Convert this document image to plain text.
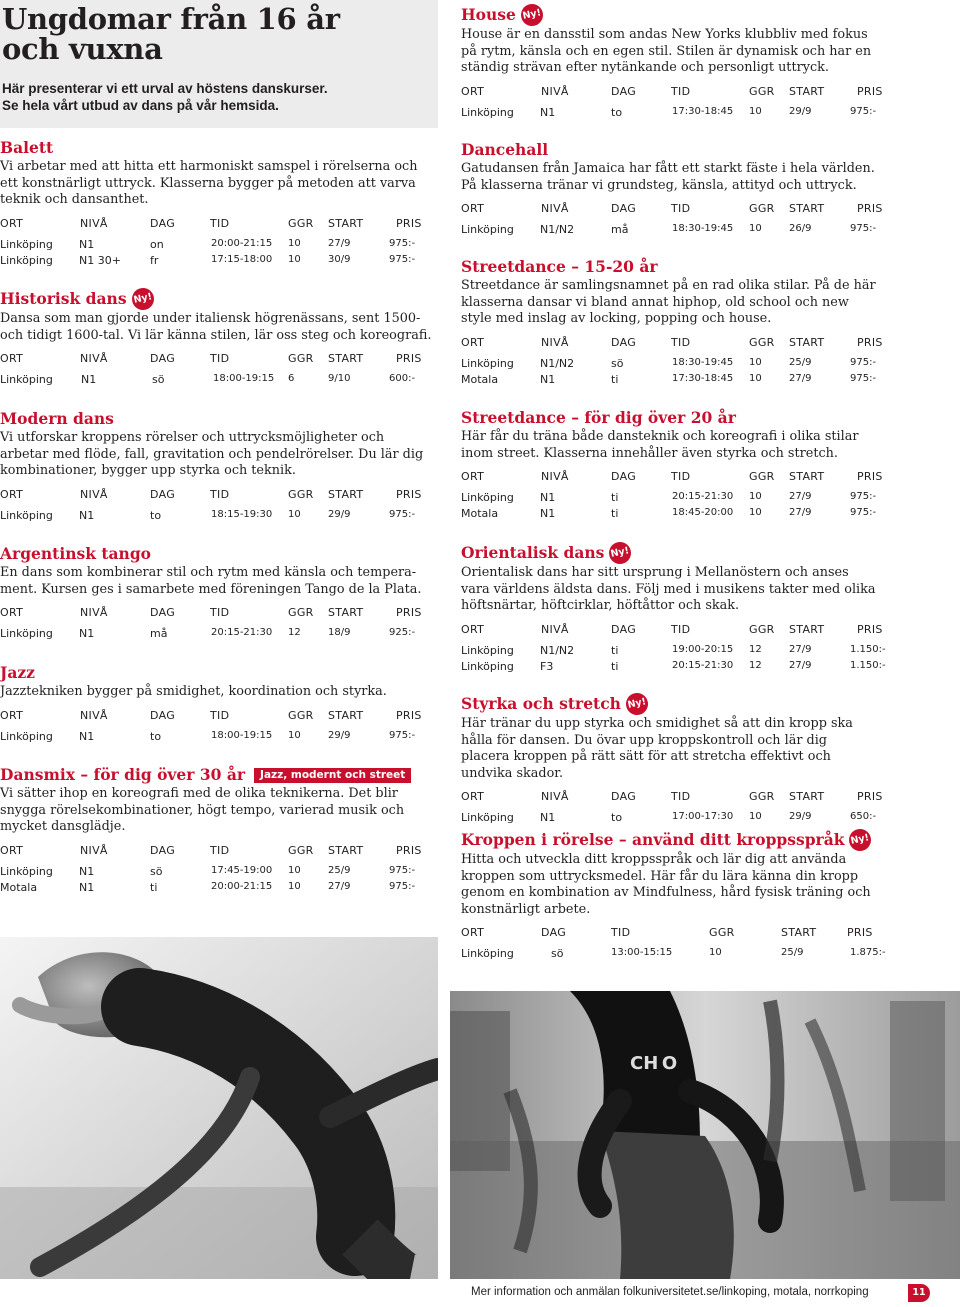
Ungdomar från 16 år
och vuxna

Här presenterar vi ett urval av höstens danskurser.
Se hela vårt utbud av dans på vår hemsida.

Balett

Vi arbetar med att hitta ett harmoniskt samspel i rörelserna och ett konstnärligt uttryck. Klasserna bygger på metoden att varva teknik och dansanthet.

ORT	NIVÅ	DAG	TID	GGR START	PRIS
Linköping N1	on	20:00-21:15 10	27/9	975:-
Linköping N1 30+	fr	17:15-18:00 10	30/9	975:-
Historisk dans Ny!

Dansa som man gjorde under italiensk högrenässans, sent 1500- och tidigt 1600-tal. Vi lär känna stilen, lär oss steg och koreografi.

ORT	NIVÅ	DAG	TID	GGR START	PRIS
Linköping	N1	sö	18:00-19:15 6	9/10	600:-
Modern dans

Vi utforskar kroppens rörelser och uttrycksmöjligheter och arbetar med flöde, fall, gravitation och pendelrörelser. Du lär dig kombinationer, bygger upp styrka och teknik.

ORT	NIVÅ	DAG	TID	GGR START	PRIS
Linköping N1	to	18:15-19:30 10	29/9	975:-
Argentinsk tango

En dans som kombinerar stil och rytm med känsla och tempera-ment. Kursen ges i samarbete med föreningen Tango de la Plata.

ORT	NIVÅ	DAG	TID	GGR START	PRIS
Linköping N1	må	20:15-21:30 12	18/9	925:-
Jazz

Jazztekniken bygger på smidighet, koordination och styrka.

ORT	NIVÅ	DAG	TID	GGR START	PRIS
Linköping N1	to	18:00-19:15 10	29/9	975:-
Dansmix – för dig över 30 år	Jazz, modernt och street

Vi sätter ihop en koreografi med de olika teknikerna. Det blir snygga rörelsekombinationer, högt tempo, varierad musik och mycket dansglädje.

ORT	NIVÅ	DAG	TID	GGR START	PRIS
Linköping N1	sö	17:45-19:00 10	25/9	975:-
Motala	N1	ti	20:00-21:15 10	27/9	975:-
House Ny!

House är en dansstil som andas New Yorks klubbliv med fokus på rytm, känsla och en egen stil. Stilen är dynamisk och har en ständig strävan efter nytänkande och personligt uttryck.

ORT	NIVÅ	DAG	TID	GGR START	PRIS
Linköping N1	to	17:30-18:45 10	29/9	975:-
Dancehall

Gatudansen från Jamaica har fått ett starkt fäste i hela världen. På klasserna tränar vi grundsteg, känsla, attityd och uttryck.

ORT	NIVÅ	DAG	TID	GGR START	PRIS
Linköping N1/N2	må	18:30-19:45 10	26/9	975:-
Streetdance – 15-20 år

Streetdance är samlingsnamnet på en rad olika stilar. På de här klasserna dansar vi bland annat hiphop, old school och new style med inslag av locking, popping och house.

ORT	NIVÅ	DAG	TID	GGR START	PRIS
Linköping N1/N2	sö	18:30-19:45 10	25/9	975:-
Motala	N1	ti	17:30-18:45 10	27/9	975:-
Streetdance – för dig över 20 år

Här får du träna både dansteknik och koreografi i olika stilar inom street. Klasserna innehåller även styrka och stretch.

ORT	NIVÅ	DAG	TID	GGR START	PRIS
Linköping N1	ti	20:15-21:30 10	27/9	975:-
Motala	N1	ti	18:45-20:00 10	27/9	975:-
Orientalisk dans Ny!

Orientalisk dans har sitt ursprung i Mellanöstern och anses vara världens äldsta dans. Följ med i musikens takter med olika höftsnärtar, höftcirklar, höftåttor och skak.

ORT	NIVÅ	DAG	TID	GGR START	PRIS
Linköping N1/N2	ti	19:00-20:15 12	27/9	1.150:-
Linköping F3	ti	20:15-21:30 12	27/9	1.150:-
Styrka och stretch Ny!

Här tränar du upp styrka och smidighet så att din kropp ska hålla för dansen. Du övar upp kroppskontroll och lär dig placera kroppen på rätt sätt för att stretcha effektivt och undvika skador.

ORT	NIVÅ	DAG	TID	GGR START	PRIS
Linköping N1	to	17:00-17:30 10	29/9	650:-
Kroppen i rörelse – använd ditt kroppsspråk Ny!

Hitta och utveckla ditt kroppsspråk och lär dig att använda kroppen som uttrycksmedel. Här får du lära känna din kropp genom en kombination av Mindfulness, hård fysisk träning och konstnärligt arbete.

ORT	DAG	TID	GGR	START	PRIS
Linköping	sö	13:00-15:15	10	25/9	1.875:-
CH O
Mer information och anmälan folkuniversitetet.se/linkoping, motala, norrkoping	11
